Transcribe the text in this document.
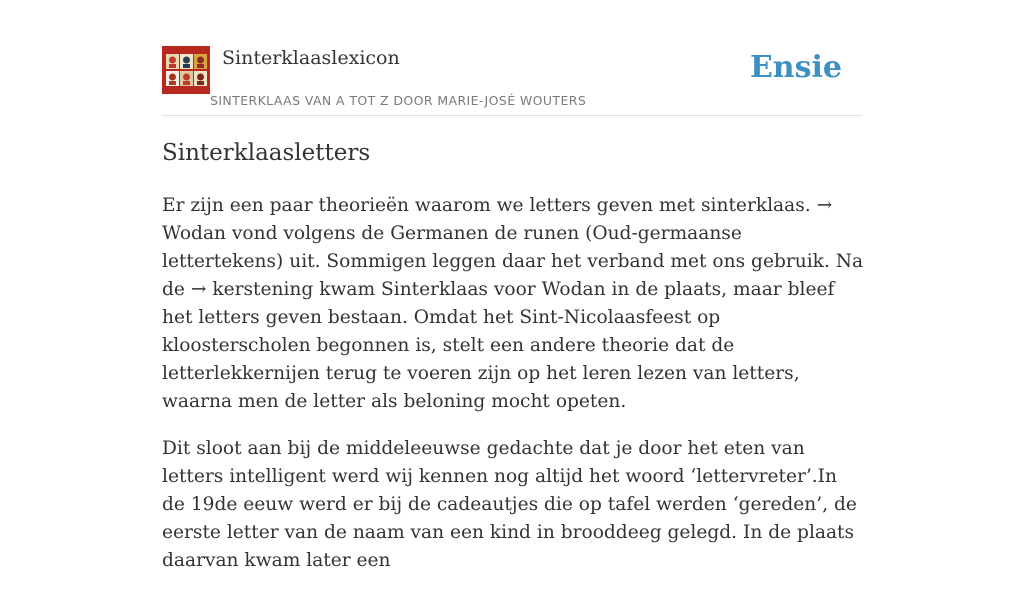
Sinterklaaslexicon
SINTERKLAAS VAN A TOT Z DOOR MARIE-JOSÉ WOUTERS
Ensie
Sinterklaasletters

Er zijn een paar theorieën waarom we letters geven met sinterklaas. → Wodan vond volgens de Germanen de runen (Oud-germaanse lettertekens) uit. Sommigen leggen daar het verband met ons gebruik. Na de → kerstening kwam Sinterklaas voor Wodan in de plaats, maar bleef het letters geven bestaan. Omdat het Sint-Nicolaasfeest op kloosterscholen begonnen is, stelt een andere theorie dat de letterlekkernijen terug te voeren zijn op het leren lezen van letters, waarna men de letter als beloning mocht opeten.

Dit sloot aan bij de middeleeuwse gedachte dat je door het eten van letters intelligent werd wij kennen nog altijd het woord ‘lettervreter’.In de 19de eeuw werd er bij de cadeautjes die op tafel werden ‘gereden’, de eerste letter van de naam van een kind in brooddeeg gelegd. In de plaats daarvan kwam later een
